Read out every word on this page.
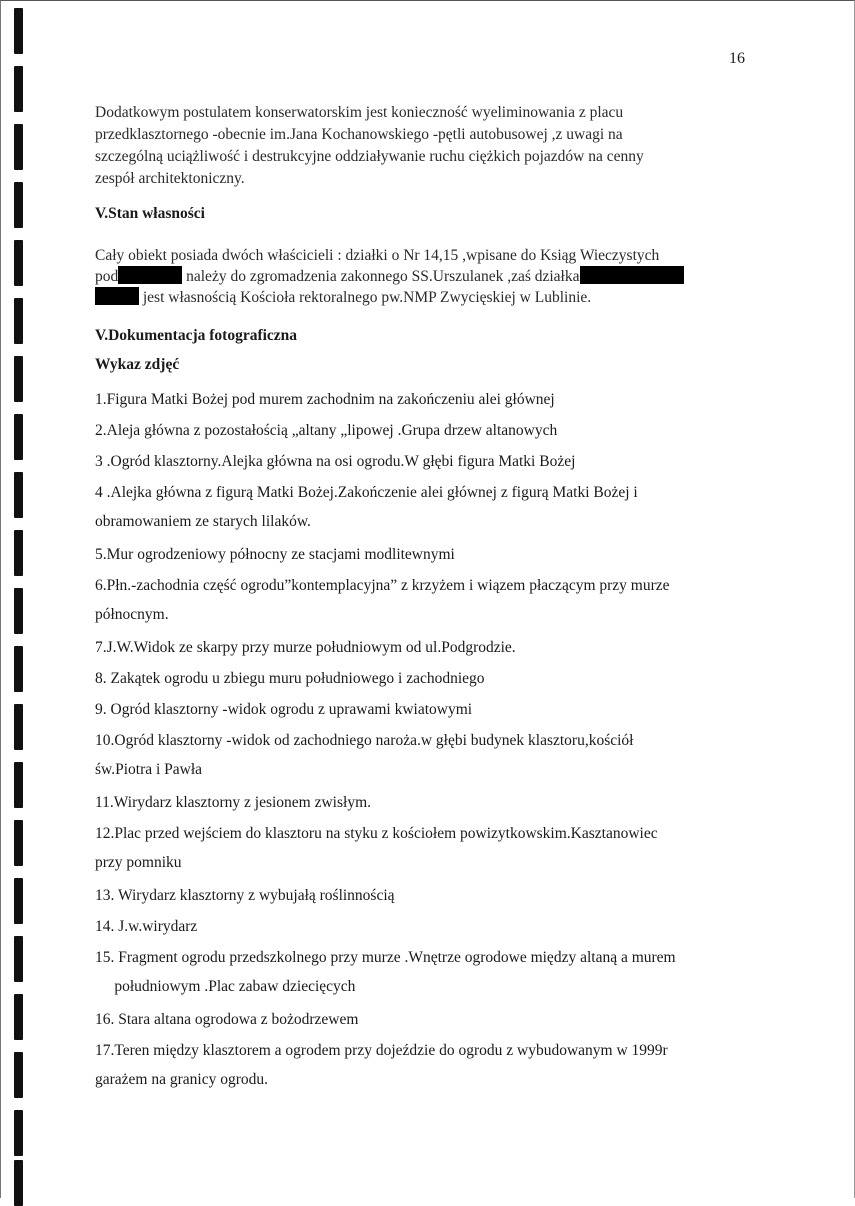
16
Dodatkowym postulatem konserwatorskim jest konieczność wyeliminowania z placu
przedklasztornego -obecnie im.Jana Kochanowskiego -pętli autobusowej ,z uwagi na
szczególną uciążliwość i destrukcyjne oddziaływanie ruchu ciężkich pojazdów na cenny
zespół architektoniczny.
V.Stan własności
Cały obiekt posiada dwóch właścicieli : działki o Nr 14,15 ,wpisane do Ksiąg Wieczystych
pod	należy do zgromadzenia zakonnego SS.Urszulanek ,zaś działka
jest własnością Kościoła rektoralnego pw.NMP Zwycięskiej w Lublinie.
V.Dokumentacja fotograficzna
Wykaz zdjęć
1.Figura Matki Bożej pod murem zachodnim na zakończeniu alei głównej
2.Aleja główna z pozostałością „altany „lipowej .Grupa drzew altanowych
3 .Ogród klasztorny.Alejka główna na osi ogrodu.W głębi figura Matki Bożej
4 .Alejka główna z figurą Matki Bożej.Zakończenie alei głównej z figurą Matki Bożej i
obramowaniem ze starych lilaków.
5.Mur ogrodzeniowy północny ze stacjami modlitewnymi
6.Płn.-zachodnia część ogrodu”kontemplacyjna” z krzyżem i wiązem płaczącym przy murze
północnym.
7.J.W.Widok ze skarpy przy murze południowym od ul.Podgrodzie.
8. Zakątek ogrodu u zbiegu muru południowego i zachodniego
9. Ogród klasztorny -widok ogrodu z uprawami kwiatowymi
10.Ogród klasztorny -widok od zachodniego naroża.w głębi budynek klasztoru,kościół
św.Piotra i Pawła
11.Wirydarz klasztorny z jesionem zwisłym.
12.Plac przed wejściem do klasztoru na styku z kościołem powizytkowskim.Kasztanowiec
przy pomniku
13. Wirydarz klasztorny z wybujałą roślinnością
14. J.w.wirydarz
15. Fragment ogrodu przedszkolnego przy murze .Wnętrze ogrodowe między altaną a murem
południowym .Plac zabaw dziecięcych
16. Stara altana ogrodowa z bożodrzewem
17.Teren między klasztorem a ogrodem przy dojeździe do ogrodu z wybudowanym w 1999r
garażem na granicy ogrodu.
